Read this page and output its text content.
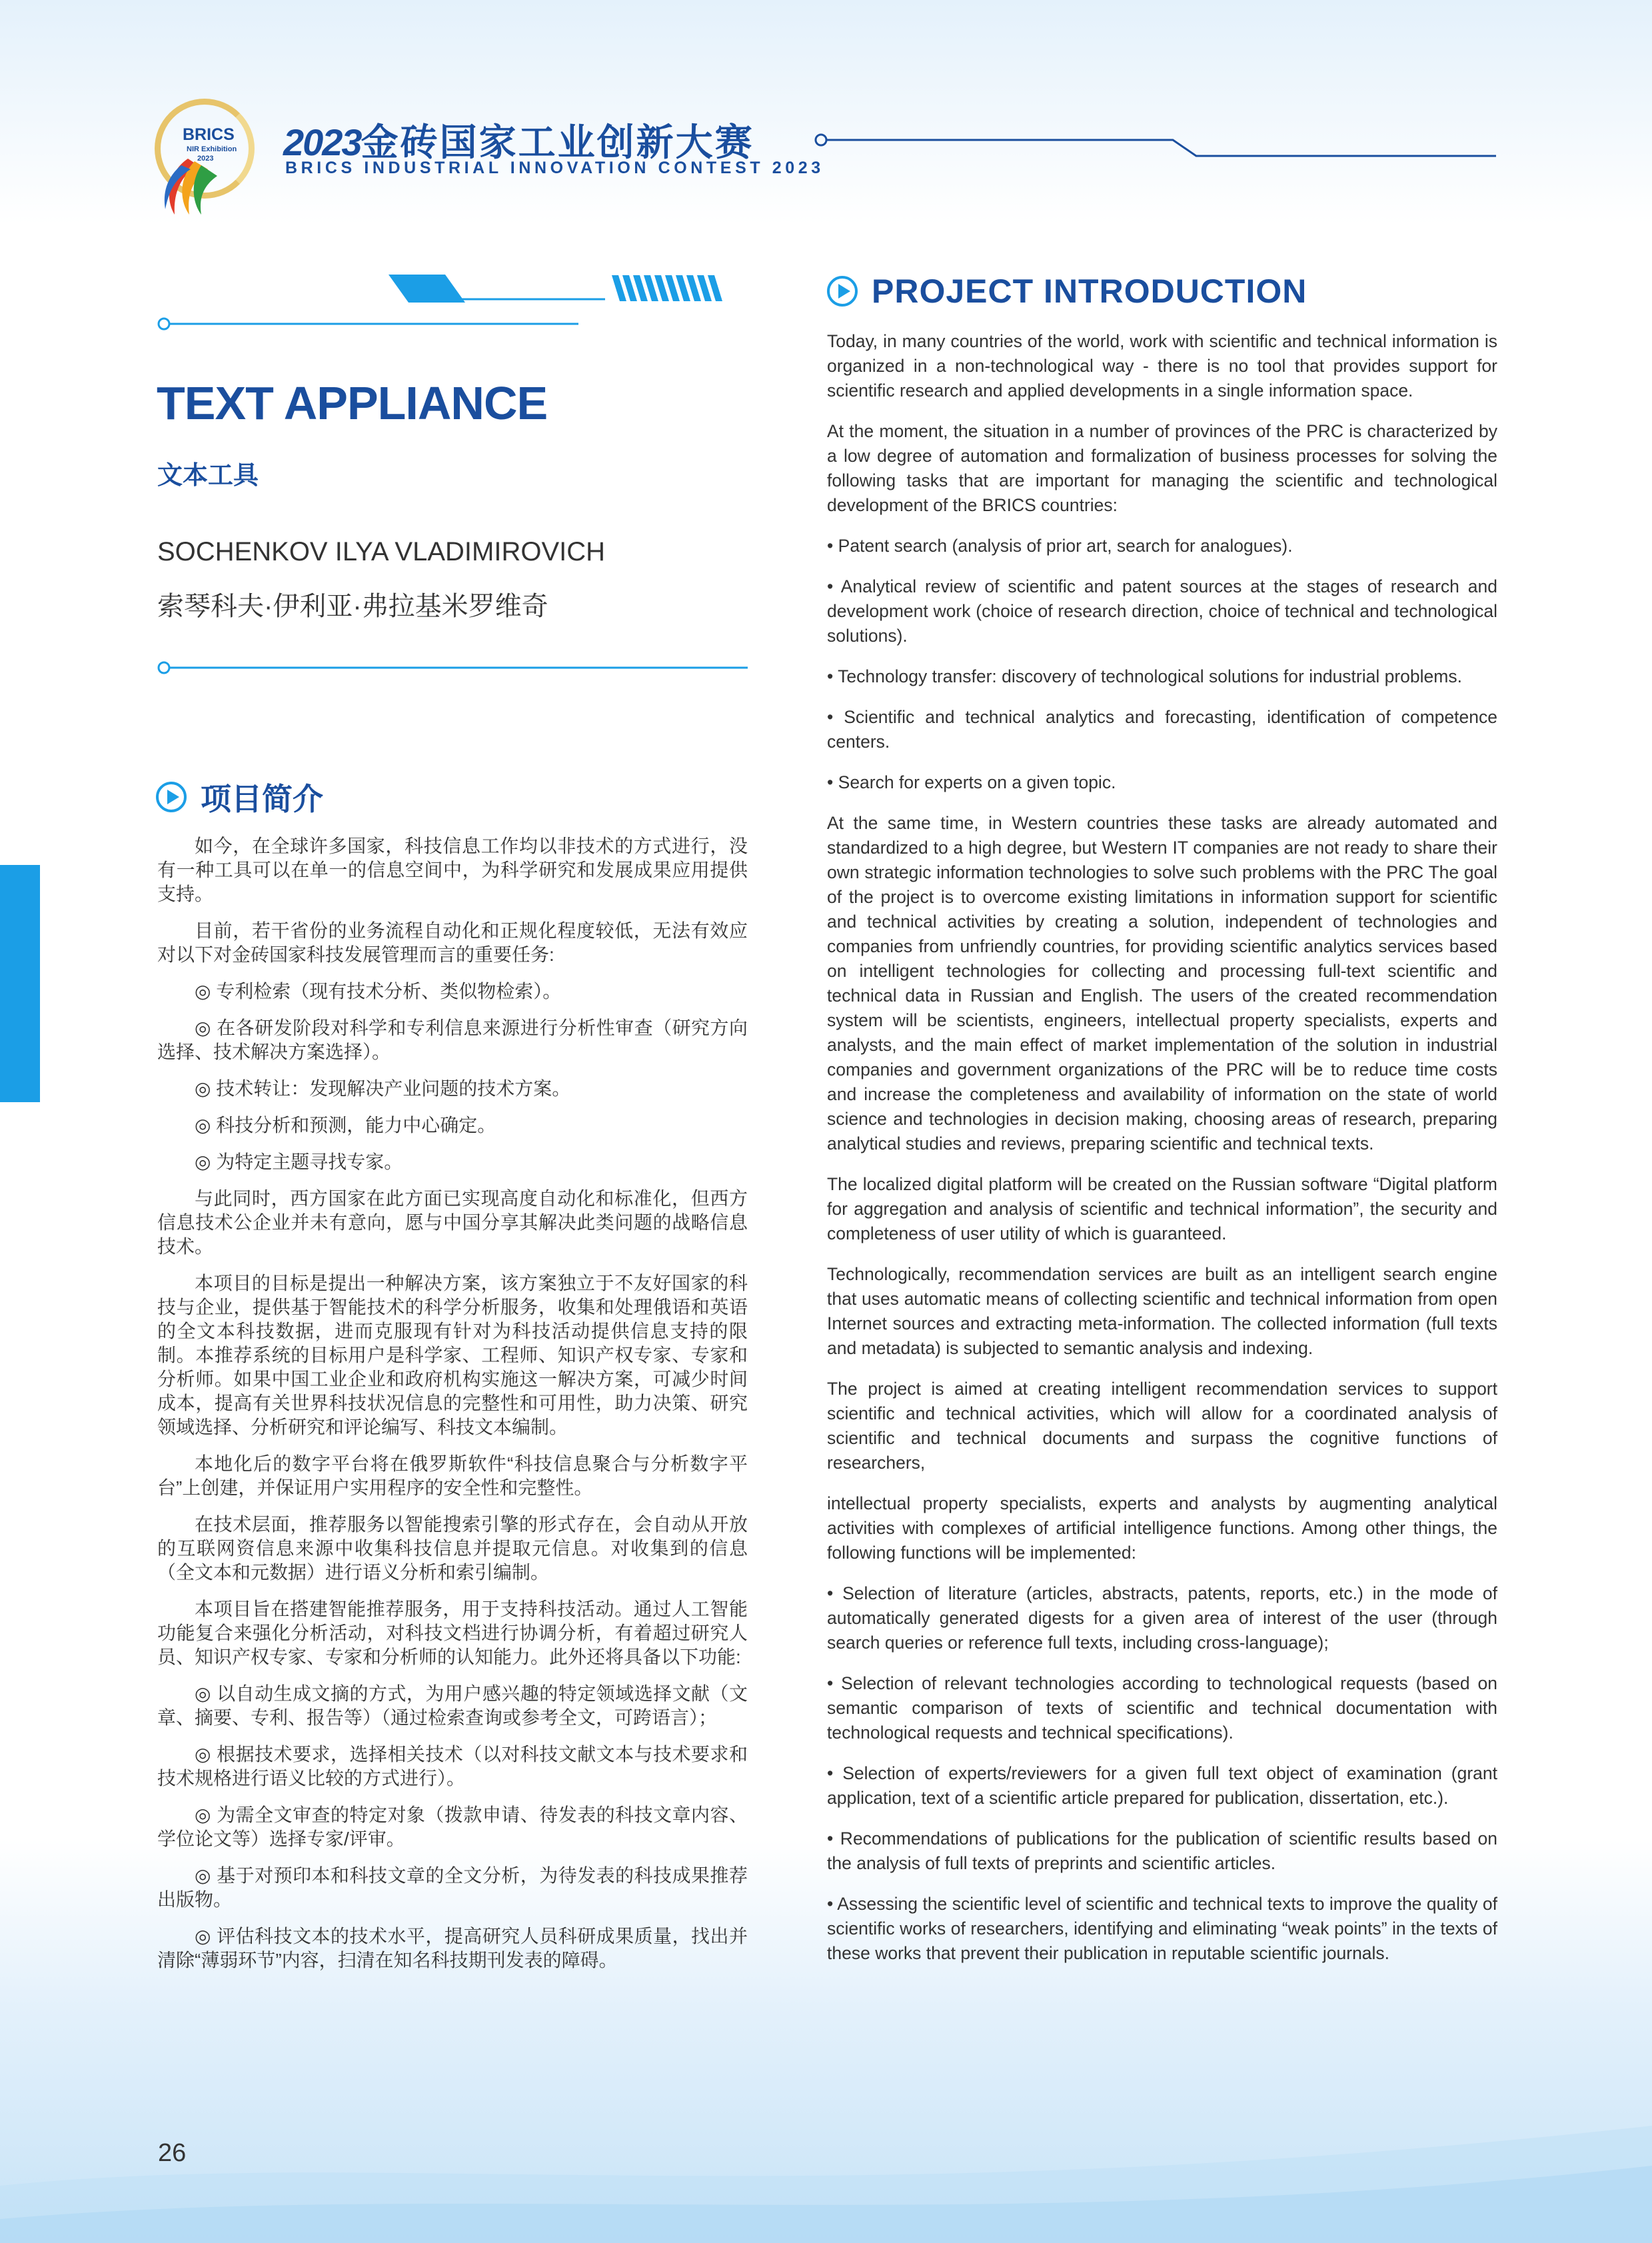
BRICS
NIR Exhibition
2023 2023金砖国家工业创新大赛
BRICS INDUSTRIAL INNOVATION CONTEST 2023
TEXT APPLIANCE
文本工具
SOCHENKOV ILYA VLADIMIROVICH
索琴科夫·伊利亚·弗拉基米罗维奇
项目简介

如今，在全球许多国家，科技信息工作均以非技术的方式进行，没有一种工具可以在单一的信息空间中，为科学研究和发展成果应用提供支持。

目前，若干省份的业务流程自动化和正规化程度较低，无法有效应对以下对金砖国家科技发展管理而言的重要任务:

◎ 专利检索（现有技术分析、类似物检索）。

◎ 在各研发阶段对科学和专利信息来源进行分析性审查（研究方向选择、技术解决方案选择）。

◎ 技术转让：发现解决产业问题的技术方案。

◎ 科技分析和预测，能力中心确定。

◎ 为特定主题寻找专家。

与此同时，西方国家在此方面已实现高度自动化和标准化，但西方信息技术公企业并未有意向，愿与中国分享其解决此类问题的战略信息技术。

本项目的目标是提出一种解决方案，该方案独立于不友好国家的科技与企业，提供基于智能技术的科学分析服务，收集和处理俄语和英语的全文本科技数据，进而克服现有针对为科技活动提供信息支持的限制。本推荐系统的目标用户是科学家、工程师、知识产权专家、专家和分析师。如果中国工业企业和政府机构实施这一解决方案，可减少时间成本，提高有关世界科技状况信息的完整性和可用性，助力决策、研究领域选择、分析研究和评论编写、科技文本编制。

本地化后的数字平台将在俄罗斯软件“科技信息聚合与分析数字平台”上创建，并保证用户实用程序的安全性和完整性。

在技术层面，推荐服务以智能搜索引擎的形式存在，会自动从开放的互联网资信息来源中收集科技信息并提取元信息。对收集到的信息（全文本和元数据）进行语义分析和索引编制。

本项目旨在搭建智能推荐服务，用于支持科技活动。通过人工智能功能复合来强化分析活动，对科技文档进行协调分析，有着超过研究人员、知识产权专家、专家和分析师的认知能力。此外还将具备以下功能:

◎ 以自动生成文摘的方式，为用户感兴趣的特定领域选择文献（文章、摘要、专利、报告等）（通过检索查询或参考全文，可跨语言）；

◎ 根据技术要求，选择相关技术（以对科技文献文本与技术要求和技术规格进行语义比较的方式进行）。

◎ 为需全文审查的特定对象（拨款申请、待发表的科技文章内容、学位论文等）选择专家/评审。

◎ 基于对预印本和科技文章的全文分析，为待发表的科技成果推荐出版物。

◎ 评估科技文本的技术水平，提高研究人员科研成果质量，找出并清除“薄弱环节”内容，扫清在知名科技期刊发表的障碍。

PROJECT INTRODUCTION

Today, in many countries of the world, work with scientific and technical information is organized in a non-technological way - there is no tool that provides support for scientific research and applied developments in a single information space.

At the moment, the situation in a number of provinces of the PRC is characterized by a low degree of automation and formalization of business processes for solving the following tasks that are important for managing the scientific and technological development of the BRICS countries:

• Patent search (analysis of prior art, search for analogues).

• Analytical review of scientific and patent sources at the stages of research and development work (choice of research direction, choice of technical and technological solutions).

• Technology transfer: discovery of technological solutions for industrial problems.

• Scientific and technical analytics and forecasting, identification of competence centers.

• Search for experts on a given topic.

At the same time, in Western countries these tasks are already automated and standardized to a high degree, but Western IT companies are not ready to share their own strategic information technologies to solve such problems with the PRC The goal of the project is to overcome existing limitations in information support for scientific and technical activities by creating a solution, independent of technologies and companies from unfriendly countries, for providing scientific analytics services based on intelligent technologies for collecting and processing full-text scientific and technical data in Russian and English. The users of the created recommendation system will be scientists, engineers, intellectual property specialists, experts and analysts, and the main effect of market implementation of the solution in industrial companies and government organizations of the PRC will be to reduce time costs and increase the completeness and availability of information on the state of world science and technologies in decision making, choosing areas of research, preparing analytical studies and reviews, preparing scientific and technical texts.

The localized digital platform will be created on the Russian software “Digital platform for aggregation and analysis of scientific and technical information”, the security and completeness of user utility of which is guaranteed.

Technologically, recommendation services are built as an intelligent search engine that uses automatic means of collecting scientific and technical information from open Internet sources and extracting meta-information. The collected information (full texts and metadata) is subjected to semantic analysis and indexing.

The project is aimed at creating intelligent recommendation services to support scientific and technical activities, which will allow for a coordinated analysis of scientific and technical documents and surpass the cognitive functions of researchers,

intellectual property specialists, experts and analysts by augmenting analytical activities with complexes of artificial intelligence functions. Among other things, the following functions will be implemented:

• Selection of literature (articles, abstracts, patents, reports, etc.) in the mode of automatically generated digests for a given area of interest of the user (through search queries or reference full texts, including cross-language);

• Selection of relevant technologies according to technological requests (based on semantic comparison of texts of scientific and technical documentation with technological requests and technical specifications).

• Selection of experts/reviewers for a given full text object of examination (grant application, text of a scientific article prepared for publication, dissertation, etc.).

• Recommendations of publications for the publication of scientific results based on the analysis of full texts of preprints and scientific articles.

• Assessing the scientific level of scientific and technical texts to improve the quality of scientific works of researchers, identifying and eliminating “weak points” in the texts of these works that prevent their publication in reputable scientific journals.

26
